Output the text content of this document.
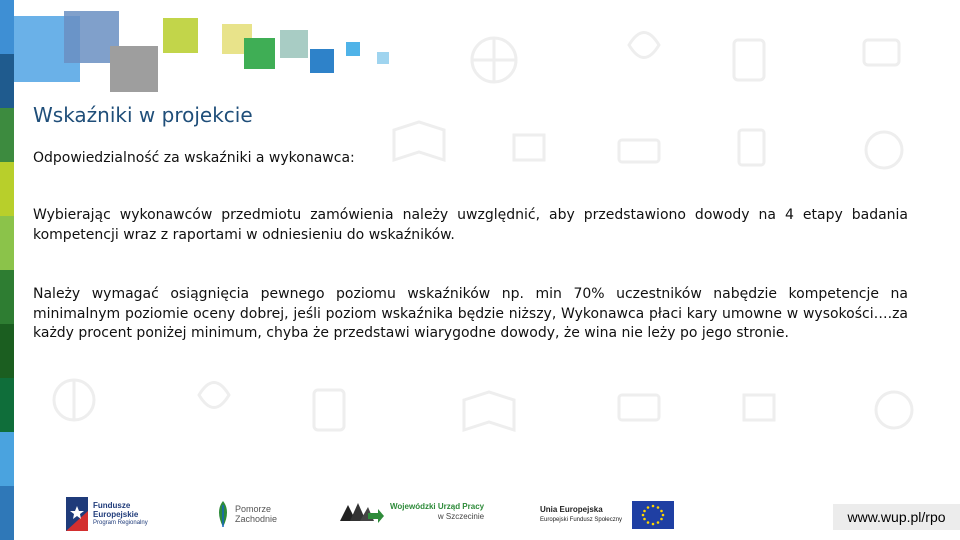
Wskaźniki w projekcie
Odpowiedzialność za wskaźniki a wykonawca:
Wybierając wykonawców przedmiotu zamówienia należy uwzględnić, aby przedstawiono dowody na 4 etapy badania kompetencji wraz z raportami w odniesieniu do wskaźników.
Należy wymagać osiągnięcia pewnego poziomu wskaźników np. min 70% uczestników nabędzie kompetencje na minimalnym poziomie oceny dobrej, jeśli poziom wskaźnika będzie niższy, Wykonawca płaci kary umowne w wysokości….za każdy procent poniżej minimum, chyba że przedstawi wiarygodne dowody, że wina nie leży po jego stronie.
Fundusze
Europejskie
Program Regionalny
Pomorze
Zachodnie
Wojewódzki Urząd Pracy
w Szczecinie
Unia Europejska
Europejski Fundusz Społeczny	www.wup.pl/rpo
